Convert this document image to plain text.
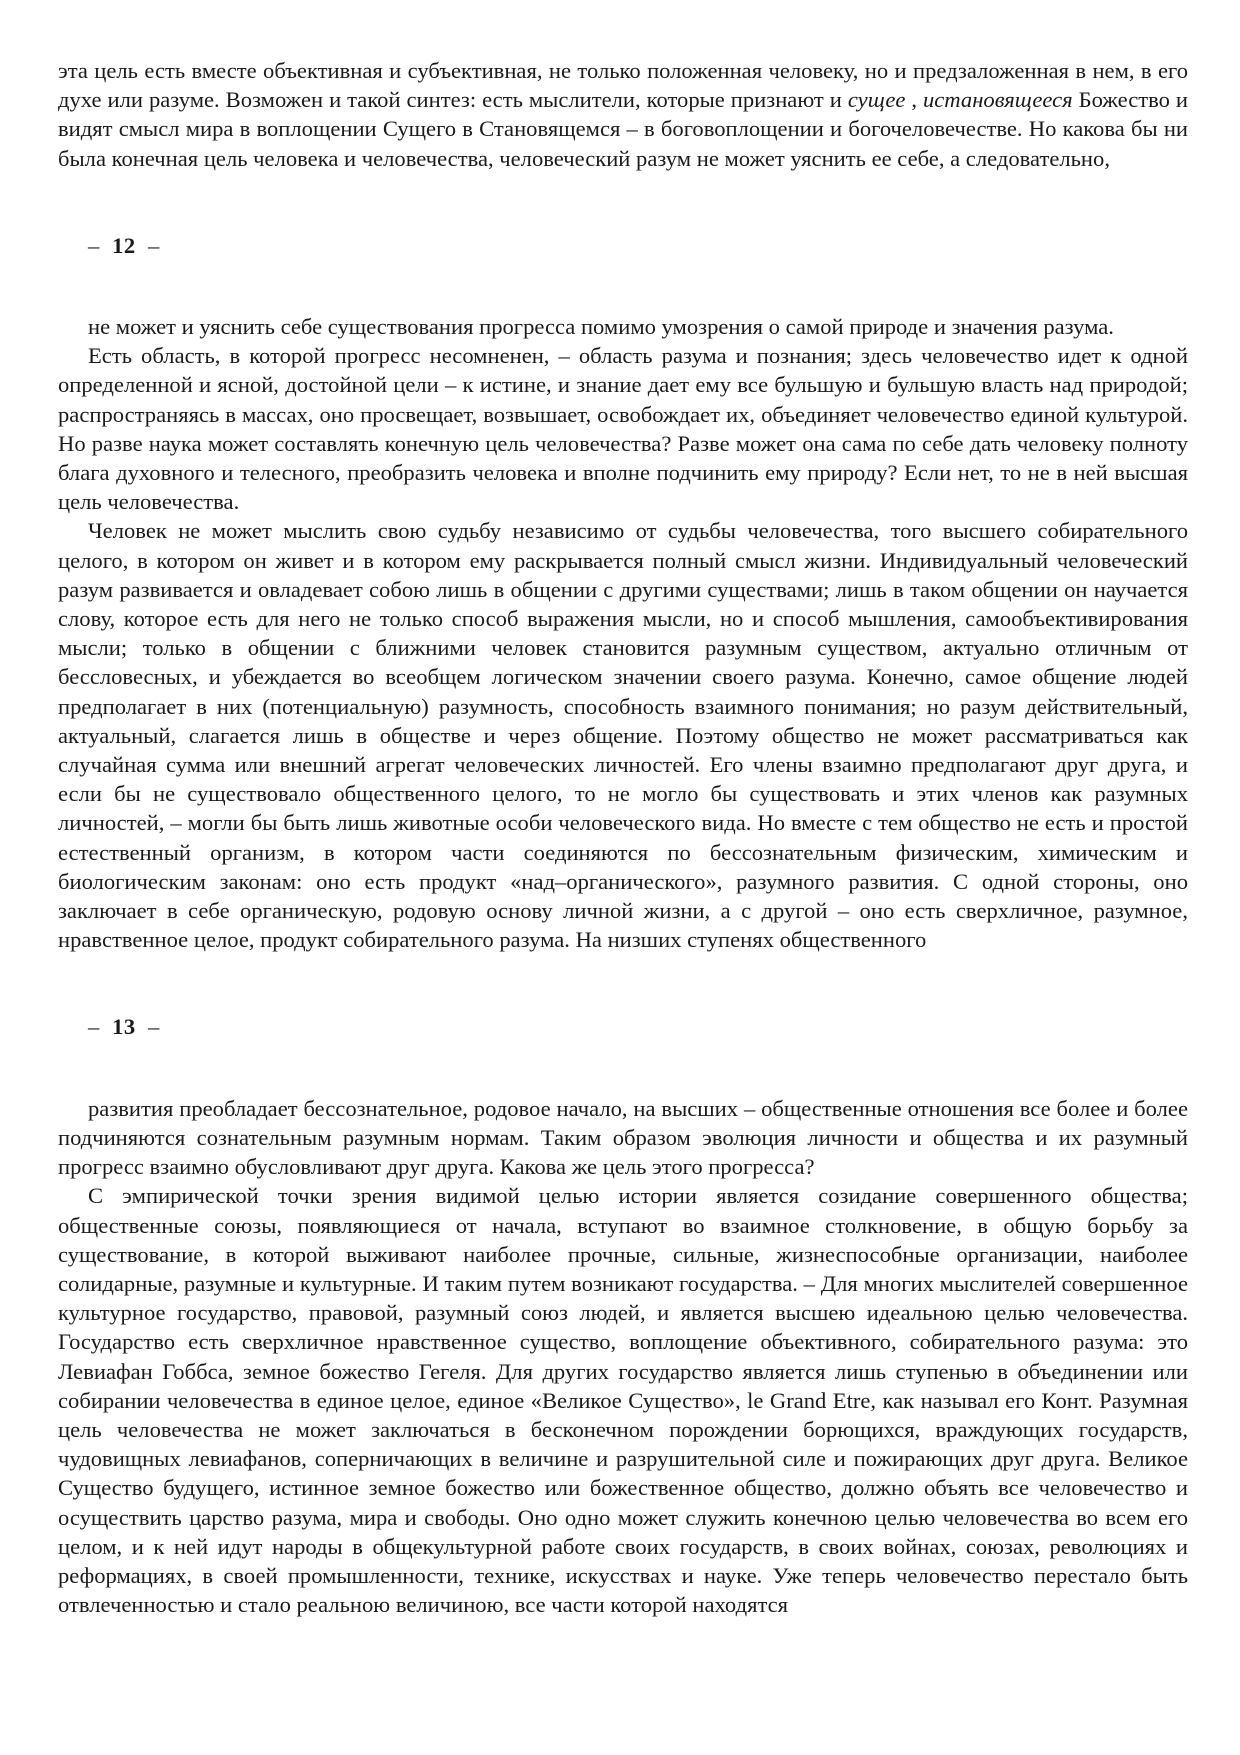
эта цель есть вместе объективная и субъективная, не только положенная человеку, но и предзаложенная в нем, в его духе или разуме. Возможен и такой синтез: есть мыслители, которые признают и сущее , истановящееся Божество и видят смысл мира в воплощении Сущего в Становящемся – в боговоплощении и богочеловечестве. Но какова бы ни была конечная цель человека и человечества, человеческий разум не может уяснить ее себе, а следовательно,

– 12 –

не может и уяснить себе существования прогресса помимо умозрения о самой природе и значения разума.

Есть область, в которой прогресс несомненен, – область разума и познания; здесь человечество идет к одной определенной и ясной, достойной цели – к истине, и знание дает ему все бульшую и бульшую власть над природой; распространяясь в массах, оно просвещает, возвышает, освобождает их, объединяет человечество единой культурой. Но разве наука может составлять конечную цель человечества? Разве может она сама по себе дать человеку полноту блага духовного и телесного, преобразить человека и вполне подчинить ему природу? Если нет, то не в ней высшая цель человечества.

Человек не может мыслить свою судьбу независимо от судьбы человечества, того высшего собирательного целого, в котором он живет и в котором ему раскрывается полный смысл жизни. Индивидуальный человеческий разум развивается и овладевает собою лишь в общении с другими существами; лишь в таком общении он научается слову, которое есть для него не только способ выражения мысли, но и способ мышления, самообъективирования мысли; только в общении с ближними человек становится разумным существом, актуально отличным от бессловесных, и убеждается во всеобщем логическом значении своего разума. Конечно, самое общение людей предполагает в них (потенциальную) разумность, способность взаимного понимания; но разум действительный, актуальный, слагается лишь в обществе и через общение. Поэтому общество не может рассматриваться как случайная сумма или внешний агрегат человеческих личностей. Его члены взаимно предполагают друг друга, и если бы не существовало общественного целого, то не могло бы существовать и этих членов как разумных личностей, – могли бы быть лишь животные особи человеческого вида. Но вместе с тем общество не есть и простой естественный организм, в котором части соединяются по бессознательным физическим, химическим и биологическим законам: оно есть продукт «над–органического», разумного развития. С одной стороны, оно заключает в себе органическую, родовую основу личной жизни, а с другой – оно есть сверхличное, разумное, нравственное целое, продукт собирательного разума. На низших ступенях общественного

– 13 –

развития преобладает бессознательное, родовое начало, на высших – общественные отношения все более и более подчиняются сознательным разумным нормам. Таким образом эволюция личности и общества и их разумный прогресс взаимно обусловливают друг друга. Какова же цель этого прогресса?

С эмпирической точки зрения видимой целью истории является созидание совершенного общества; общественные союзы, появляющиеся от начала, вступают во взаимное столкновение, в общую борьбу за существование, в которой выживают наиболее прочные, сильные, жизнеспособные организации, наиболее солидарные, разумные и культурные. И таким путем возникают государства. – Для многих мыслителей совершенное культурное государство, правовой, разумный союз людей, и является высшею идеальною целью человечества. Государство есть сверхличное нравственное существо, воплощение объективного, собирательного разума: это Левиафан Гоббса, земное божество Гегеля. Для других государство является лишь ступенью в объединении или собирании человечества в единое целое, единое «Великое Существо», le Grand Etre, как называл его Конт. Разумная цель человечества не может заключаться в бесконечном порождении борющихся, враждующих государств, чудовищных левиафанов, соперничающих в величине и разрушительной силе и пожирающих друг друга. Великое Существо будущего, истинное земное божество или божественное общество, должно объять все человечество и осуществить царство разума, мира и свободы. Оно одно может служить конечною целью человечества во всем его целом, и к ней идут народы в общекультурной работе своих государств, в своих войнах, союзах, революциях и реформациях, в своей промышленности, технике, искусствах и науке. Уже теперь человечество перестало быть отвлеченностью и стало реальною величиною, все части которой находятся
